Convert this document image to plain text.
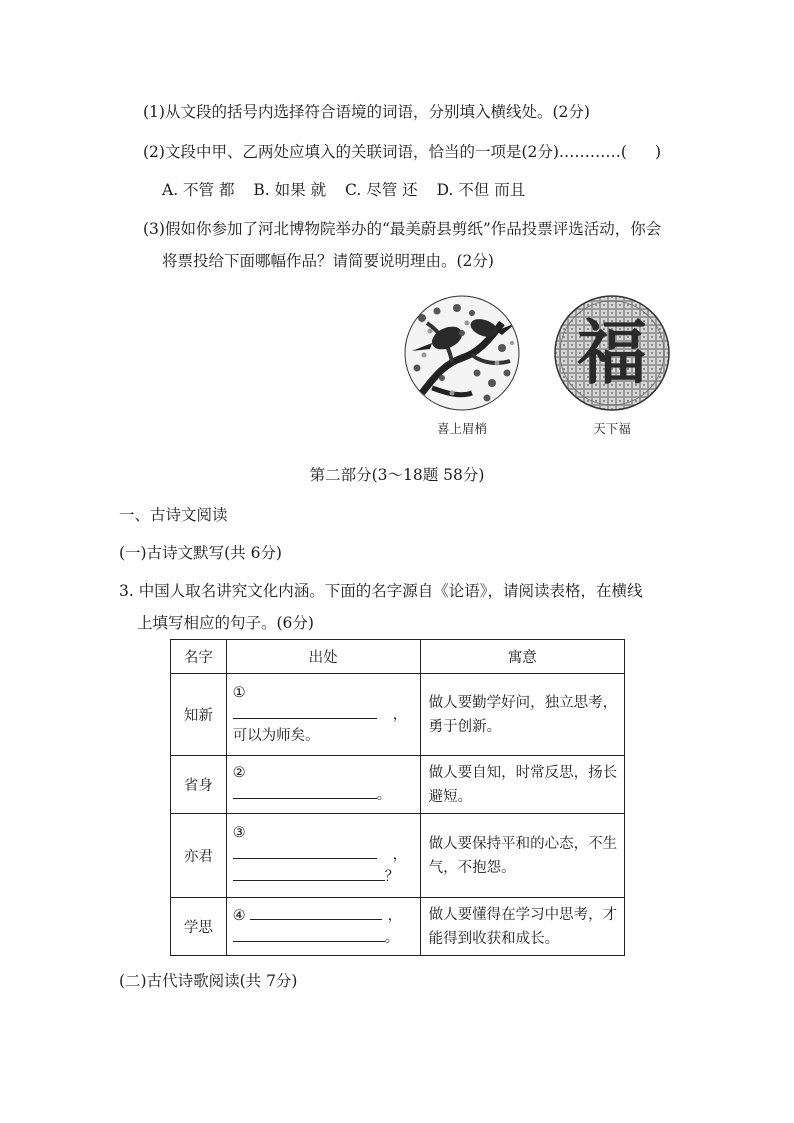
(1)从文段的括号内选择符合语境的词语，分别填入横线处。(2分)
(2)文段中甲、乙两处应填入的关联词语，恰当的一项是(2分)…………( )
A. 不管 都 B. 如果 就 C. 尽管 还 D. 不但 而且
(3)假如你参加了河北博物院举办的“最美蔚县剪纸”作品投票评选活动，你会
将票投给下面哪幅作品？请简要说明理由。(2分)
喜上眉梢
福
天下福
第二部分(3～18题 58分)
一、古诗文阅读
(一)古诗文默写(共 6分)
3. 中国人取名讲究文化内涵。下面的名字源自《论语》，请阅读表格，在横线
上填写相应的句子。(6分)
名字	出处	寓意
知新	①
，
可以为师矣。	做人要勤学好问，独立思考，勇于创新。
省身	②
。	做人要自知，时常反思，扬长避短。
亦君	③
，
？	做人要保持平和的心态，不生气，不抱怨。
学思	④ ，
。	做人要懂得在学习中思考，才能得到收获和成长。
(二)古代诗歌阅读(共 7分)
